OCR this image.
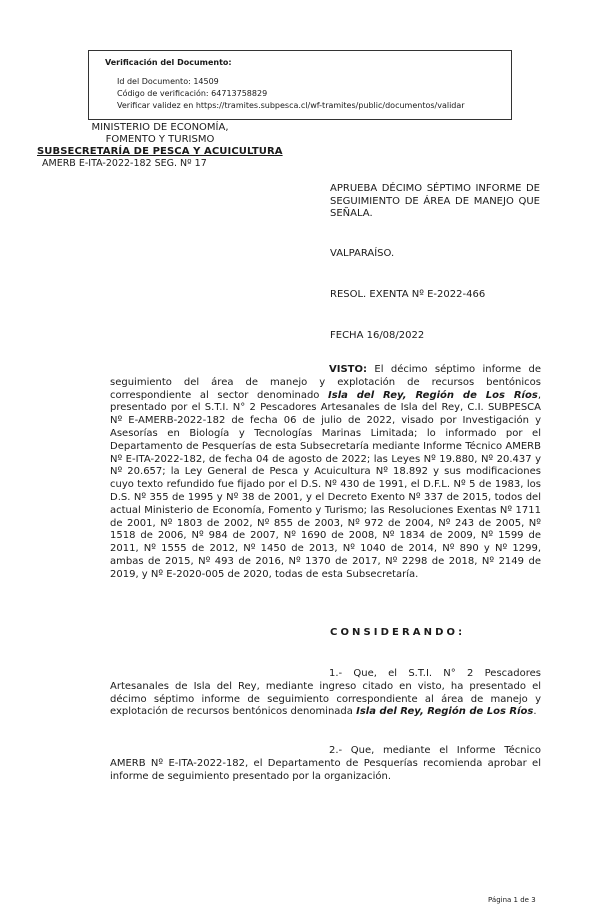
Verificación del Documento:
• Id del Documento: 14509
• Código de verificación: 64713758829
• Verificar validez en https://tramites.subpesca.cl/wf-tramites/public/documentos/validar
MINISTERIO DE ECONOMÍA,
FOMENTO Y TURISMO
SUBSECRETARÍA DE PESCA Y ACUICULTURA
AMERB E-ITA-2022-182 SEG. Nº 17
APRUEBA DÉCIMO SÉPTIMO INFORME DE SEGUIMIENTO DE ÁREA DE MANEJO QUE SEÑALA.
VALPARAÍSO.
RESOL. EXENTA Nº E-2022-466
FECHA 16/08/2022

VISTO: El décimo séptimo informe de seguimiento del área de manejo y explotación de recursos bentónicos correspondiente al sector denominado Isla del Rey, Región de Los Ríos, presentado por el S.T.I. N° 2 Pescadores Artesanales de Isla del Rey, C.I. SUBPESCA Nº E-AMERB-2022-182 de fecha 06 de julio de 2022, visado por Investigación y Asesorías en Biología y Tecnologías Marinas Limitada; lo informado por el Departamento de Pesquerías de esta Subsecretaría mediante Informe Técnico AMERB Nº E-ITA-2022-182, de fecha 04 de agosto de 2022; las Leyes Nº 19.880, Nº 20.437 y Nº 20.657; la Ley General de Pesca y Acuicultura Nº 18.892 y sus modificaciones cuyo texto refundido fue fijado por el D.S. Nº 430 de 1991, el D.F.L. Nº 5 de 1983, los D.S. Nº 355 de 1995 y Nº 38 de 2001, y el Decreto Exento Nº 337 de 2015, todos del actual Ministerio de Economía, Fomento y Turismo; las Resoluciones Exentas Nº 1711 de 2001, Nº 1803 de 2002, Nº 855 de 2003, Nº 972 de 2004, Nº 243 de 2005, Nº 1518 de 2006, Nº 984 de 2007, Nº 1690 de 2008, Nº 1834 de 2009, Nº 1599 de 2011, Nº 1555 de 2012, Nº 1450 de 2013, Nº 1040 de 2014, Nº 890 y Nº 1299, ambas de 2015, Nº 493 de 2016, Nº 1370 de 2017, Nº 2298 de 2018, Nº 2149 de 2019, y Nº E-2020-005 de 2020, todas de esta Subsecretaría.

CONSIDERANDO:

1.- Que, el S.T.I. N° 2 Pescadores Artesanales de Isla del Rey, mediante ingreso citado en visto, ha presentado el décimo séptimo informe de seguimiento correspondiente al área de manejo y explotación de recursos bentónicos denominada Isla del Rey, Región de Los Ríos.

2.- Que, mediante el Informe Técnico AMERB Nº E-ITA-2022-182, el Departamento de Pesquerías recomienda aprobar el informe de seguimiento presentado por la organización.

Página 1 de 3
